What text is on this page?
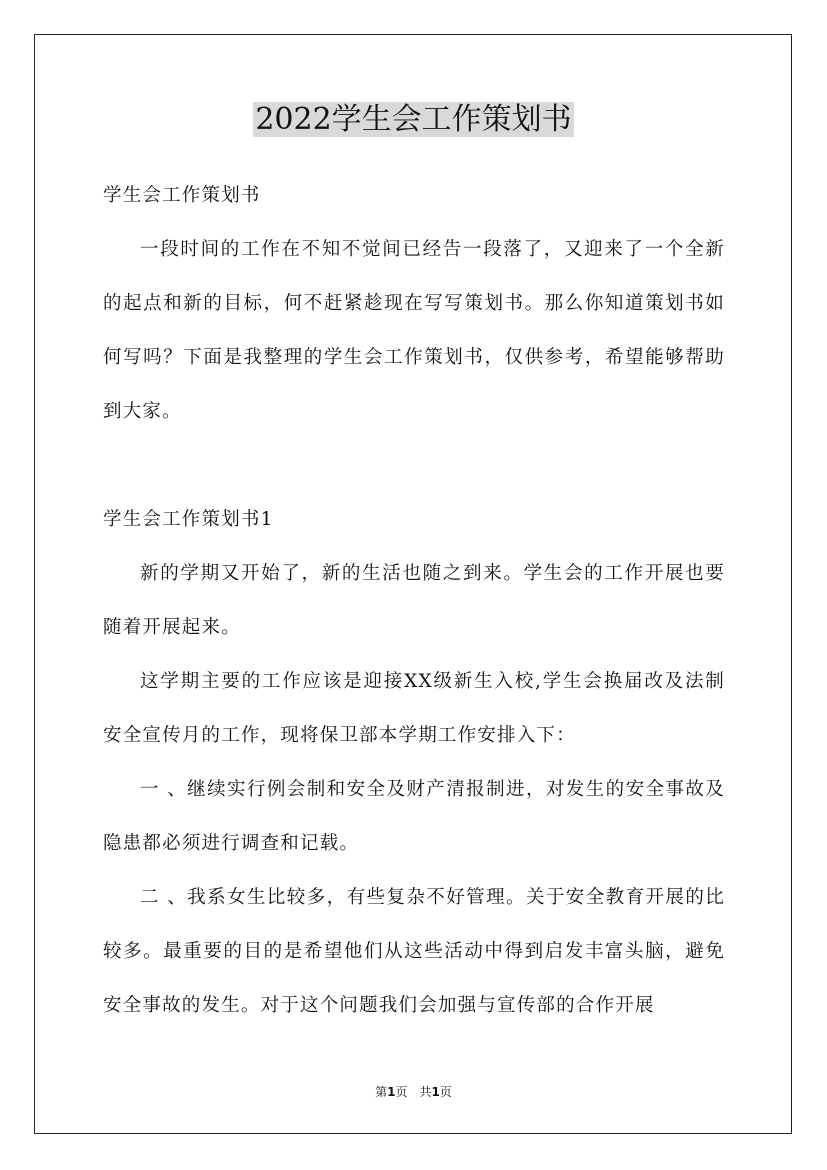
2022学生会工作策划书

学生会工作策划书

一段时间的工作在不知不觉间已经告一段落了，又迎来了一个全新的起点和新的目标，何不赶紧趁现在写写策划书。那么你知道策划书如何写吗？下面是我整理的学生会工作策划书，仅供参考，希望能够帮助到大家。

学生会工作策划书1

新的学期又开始了，新的生活也随之到来。学生会的工作开展也要随着开展起来。

这学期主要的工作应该是迎接XX级新生入校,学生会换届改及法制安全宣传月的工作，现将保卫部本学期工作安排入下：

一 、继续实行例会制和安全及财产清报制进，对发生的安全事故及隐患都必须进行调查和记载。

二 、我系女生比较多，有些复杂不好管理。关于安全教育开展的比较多。最重要的目的是希望他们从这些活动中得到启发丰富头脑，避免安全事故的发生。对于这个问题我们会加强与宣传部的合作开展

第1页　共1页
